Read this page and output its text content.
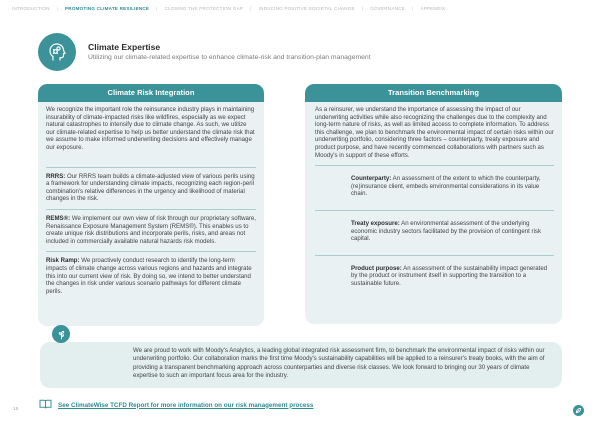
INTRODUCTION | PROMOTING CLIMATE RESILIENCE | CLOSING THE PROTECTION GAP | INDUCING POSITIVE SOCIETAL CHANGE | GOVERNANCE | APPENDIX
Climate Expertise
Utilizing our climate-related expertise to enhance climate-risk and transition-plan management
Climate Risk Integration
We recognize the important role the reinsurance industry plays in maintaining insurability of climate-impacted risks like wildfires, especially as we expect natural catastrophes to intensify due to climate change. As such, we utilize our climate-related expertise to help us better understand the climate risk that we assume to make informed underwriting decisions and effectively manage our exposure.
RRRS: Our RRRS team builds a climate-adjusted view of various perils using a framework for understanding climate impacts, recognizing each region-peril combination's relative differences in the urgency and likelihood of material changes in the risk.
REMS®: We implement our own view of risk through our proprietary software, Renaissance Exposure Management System (REMS®). This enables us to create unique risk distributions and incorporate perils, risks, and areas not included in commercially available natural hazards risk models.
Risk Ramp: We proactively conduct research to identify the long-term impacts of climate change across various regions and hazards and integrate this into our current view of risk. By doing so, we intend to better understand the changes in risk under various scenario pathways for different climate perils.
Transition Benchmarking
As a reinsurer, we understand the importance of assessing the impact of our underwriting activities while also recognizing the challenges due to the complexity and long-term nature of risks, as well as limited access to complete information. To address this challenge, we plan to benchmark the environmental impact of certain risks within our underwriting portfolio, considering three factors – counterparty, treaty exposure and product purpose, and have recently commenced collaborations with partners such as Moody's in support of these efforts.
Counterparty: An assessment of the extent to which the counterparty, (re)insurance client, embeds environmental considerations in its value chain.
Treaty exposure: An environmental assessment of the underlying economic industry sectors facilitated by the provision of contingent risk capital.
Product purpose: An assessment of the sustainability impact generated by the product or instrument itself in supporting the transition to a sustainable future.
We are proud to work with Moody's Analytics, a leading global integrated risk assessment firm, to benchmark the environmental impact of risks within our underwriting portfolio. Our collaboration marks the first time Moody's sustainability capabilities will be applied to a reinsurer's treaty books, with the aim of providing a transparent benchmarking approach across counterparties and diverse risk classes. We look forward to bringing our 30 years of climate expertise to such an important focus area for the industry.
See ClimateWise TCFD Report for more information on our risk management process
15
